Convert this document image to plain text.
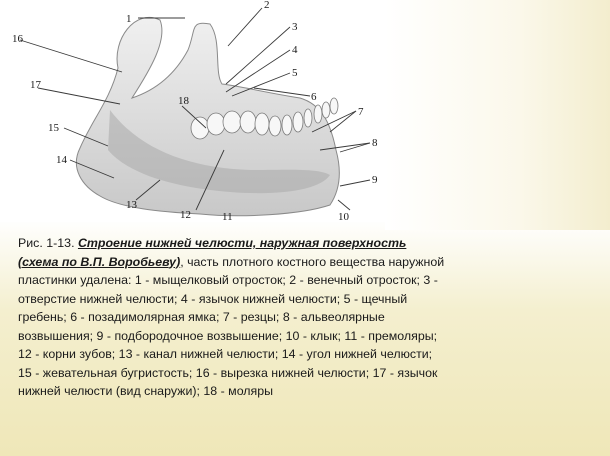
1
2
3
4
5
6
7
8
9
10
11
12
13
14
15
16
17
18
Рис. 1-13. Строение нижней челюсти, наружная поверхность (схема по В.П. Воробьеву), часть плотного костного вещества наружной пластинки удалена: 1 - мыщелковый отросток; 2 - венечный отросток; 3 - отверстие нижней челюсти; 4 - язычок нижней челюсти; 5 - щечный гребень; 6 - позадимолярная ямка; 7 - резцы; 8 - альвеолярные возвышения; 9 - подбородочное возвышение; 10 - клык; 11 - премоляры; 12 - корни зубов; 13 - канал нижней челюсти; 14 - угол нижней челюсти; 15 - жевательная бугристость; 16 - вырезка нижней челюсти; 17 - язычок нижней челюсти (вид снаружи); 18 - моляры
